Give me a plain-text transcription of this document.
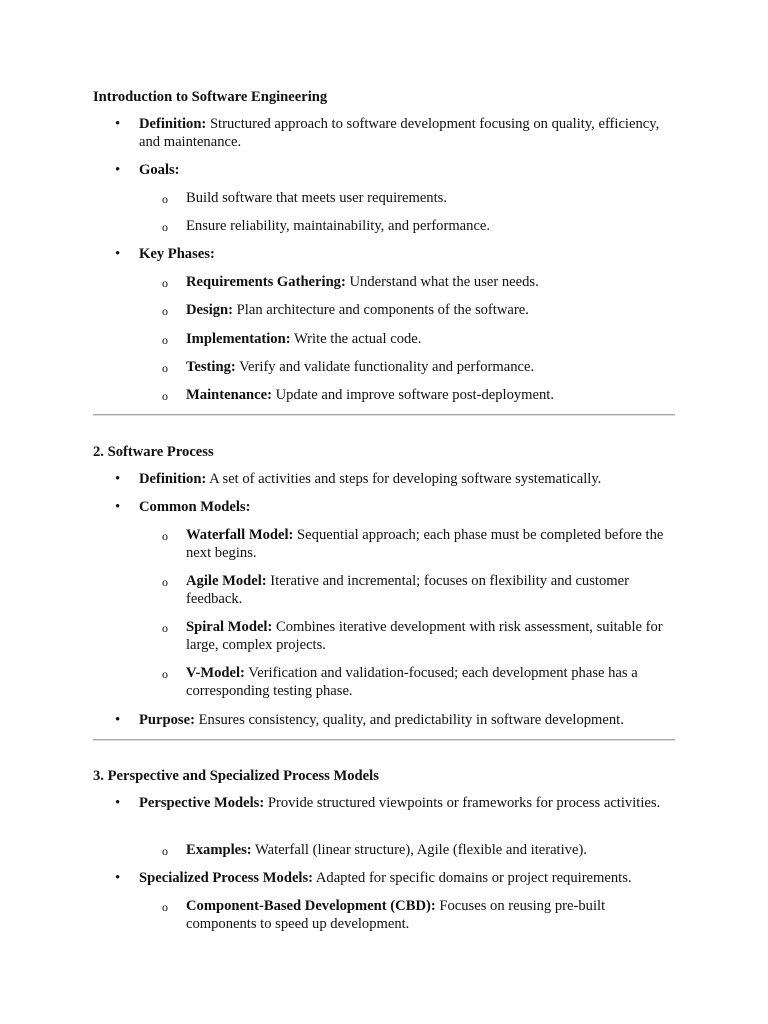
Introduction to Software Engineering
• Definition: Structured approach to software development focusing on quality, efficiency, and maintenance.
• Goals:
o Build software that meets user requirements.
o Ensure reliability, maintainability, and performance.
• Key Phases:
o Requirements Gathering: Understand what the user needs.
o Design: Plan architecture and components of the software.
o Implementation: Write the actual code.
o Testing: Verify and validate functionality and performance.
o Maintenance: Update and improve software post-deployment.
2. Software Process
• Definition: A set of activities and steps for developing software systematically.
• Common Models:
o Waterfall Model: Sequential approach; each phase must be completed before the next begins.
o Agile Model: Iterative and incremental; focuses on flexibility and customer feedback.
o Spiral Model: Combines iterative development with risk assessment, suitable for large, complex projects.
o V-Model: Verification and validation-focused; each development phase has a corresponding testing phase.
• Purpose: Ensures consistency, quality, and predictability in software development.
3. Perspective and Specialized Process Models
• Perspective Models: Provide structured viewpoints or frameworks for process activities.
o Examples: Waterfall (linear structure), Agile (flexible and iterative).
• Specialized Process Models: Adapted for specific domains or project requirements.
o Component-Based Development (CBD): Focuses on reusing pre-built components to speed up development.
